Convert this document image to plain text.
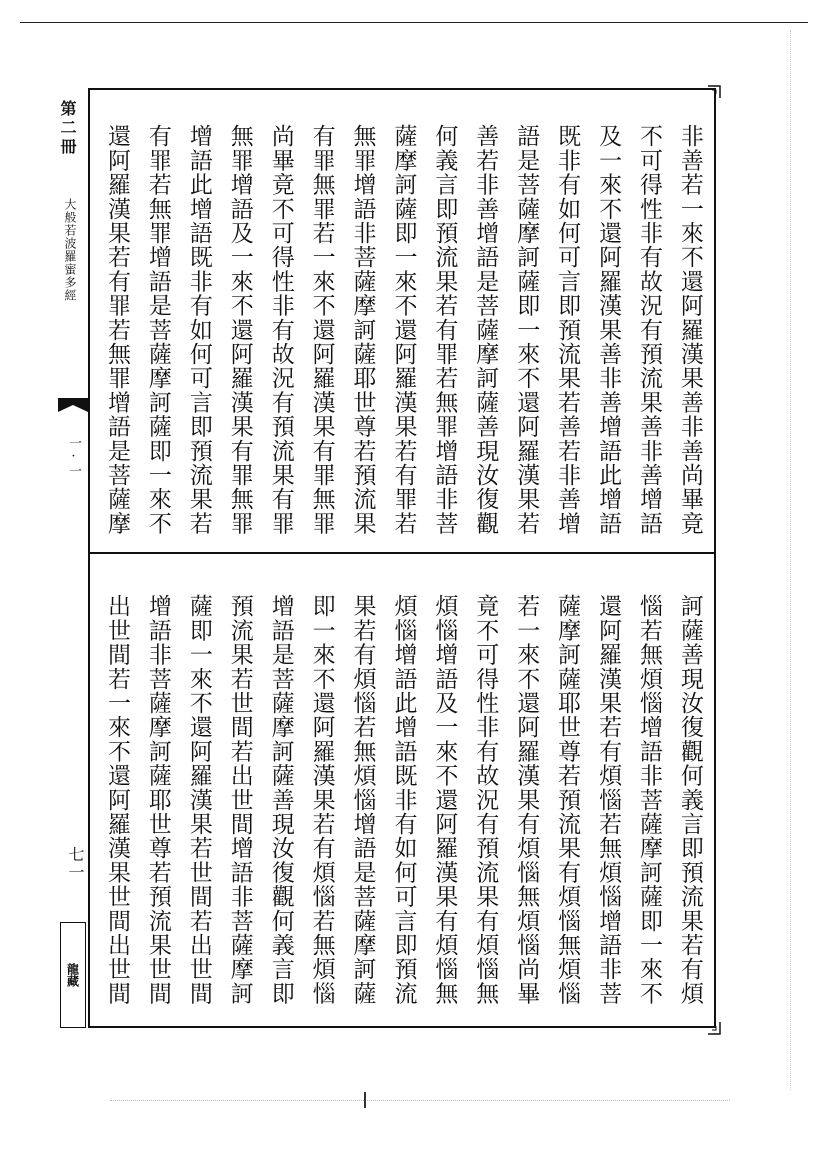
第二冊
大般若波羅蜜多經
一·一
七一
龍藏
非善若一來不還阿羅漢果善非善尚畢竟
不可得性非有故況有預流果善非善增語
及一來不還阿羅漢果善非善增語此增語
既非有如何可言即預流果若善若非善增
語是菩薩摩訶薩即一來不還阿羅漢果若
善若非善增語是菩薩摩訶薩善現汝復觀
何義言即預流果若有罪若無罪增語非菩
薩摩訶薩即一來不還阿羅漢果若有罪若
無罪增語非菩薩摩訶薩耶世尊若預流果
有罪無罪若一來不還阿羅漢果有罪無罪
尚畢竟不可得性非有故況有預流果有罪
無罪增語及一來不還阿羅漢果有罪無罪
增語此增語既非有如何可言即預流果若
有罪若無罪增語是菩薩摩訶薩即一來不
還阿羅漢果若有罪若無罪增語是菩薩摩
訶薩善現汝復觀何義言即預流果若有煩
惱若無煩惱增語非菩薩摩訶薩即一來不
還阿羅漢果若有煩惱若無煩惱增語非菩
薩摩訶薩耶世尊若預流果有煩惱無煩惱
若一來不還阿羅漢果有煩惱無煩惱尚畢
竟不可得性非有故況有預流果有煩惱無
煩惱增語及一來不還阿羅漢果有煩惱無
煩惱增語此增語既非有如何可言即預流
果若有煩惱若無煩惱增語是菩薩摩訶薩
即一來不還阿羅漢果若有煩惱若無煩惱
增語是菩薩摩訶薩善現汝復觀何義言即
預流果若世間若出世間增語非菩薩摩訶
薩即一來不還阿羅漢果若世間若出世間
增語非菩薩摩訶薩耶世尊若預流果世間
出世間若一來不還阿羅漢果世間出世間
